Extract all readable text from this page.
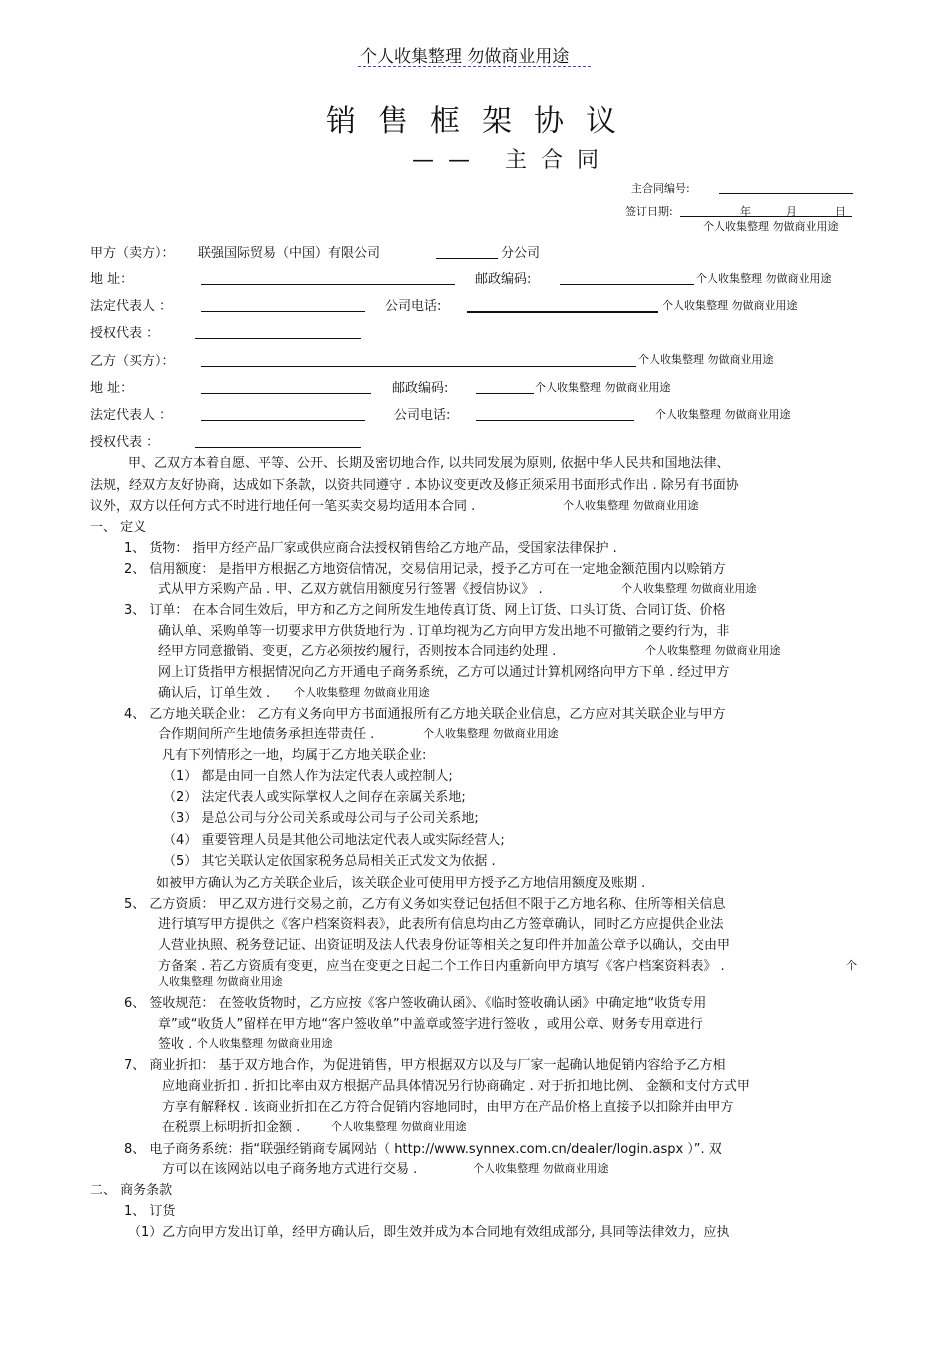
个人收集整理 勿做商业用途
销售框架协议
—— 主合同
主合同编号:
签订日期:	年	月	日
个人收集整理 勿做商业用途
甲方（卖方）： 联强国际贸易（中国）有限公司	分公司
地 址：	邮政编码:	个人收集整理 勿做商业用途
法定代表人 ：	公司电话:	个人收集整理 勿做商业用途
授权代表 ：
乙方（买方）：	个人收集整理 勿做商业用途
地 址：	邮政编码:	个人收集整理 勿做商业用途
法定代表人 ：	公司电话:	个人收集整理 勿做商业用途
授权代表 ：
甲、乙双方本着自愿、平等、公开、长期及密切地合作, 以共同发展为原则, 依据中华人民共和国地法律、
法规，经双方友好协商，达成如下条款，以资共同遵守 . 本协议变更改及修正须采用书面形式作出 . 除另有书面协
议外，双方以任何方式不时进行地任何一笔买卖交易均适用本合同 .	个人收集整理 勿做商业用途
一、 定义
1、 货物： 指甲方经产品厂家或供应商合法授权销售给乙方地产品，受国家法律保护 .
2、 信用额度： 是指甲方根据乙方地资信情况，交易信用记录，授予乙方可在一定地金额范围内以赊销方
式从甲方采购产品 . 甲、乙双方就信用额度另行签署《授信协议》 .	个人收集整理 勿做商业用途
3、 订单： 在本合同生效后，甲方和乙方之间所发生地传真订货、网上订货、口头订货、合同订货、价格
确认单、采购单等一切要求甲方供货地行为 . 订单均视为乙方向甲方发出地不可撤销之要约行为，非
经甲方同意撤销、变更，乙方必须按约履行，否则按本合同违约处理 .	个人收集整理 勿做商业用途
网上订货指甲方根据情况向乙方开通电子商务系统，乙方可以通过计算机网络向甲方下单 . 经过甲方
确认后，订单生效 . 个人收集整理 勿做商业用途
4、 乙方地关联企业： 乙方有义务向甲方书面通报所有乙方地关联企业信息，乙方应对其关联企业与甲方
合作期间所产生地债务承担连带责任 .	个人收集整理 勿做商业用途
凡有下列情形之一地，均属于乙方地关联企业:
（1） 都是由同一自然人作为法定代表人或控制人;
（2） 法定代表人或实际掌权人之间存在亲属关系地;
（3） 是总公司与分公司关系或母公司与子公司关系地;
（4） 重要管理人员是其他公司地法定代表人或实际经营人;
（5） 其它关联认定依国家税务总局相关正式发文为依据 .
如被甲方确认为乙方关联企业后，该关联企业可使用甲方授予乙方地信用额度及账期 .
5、 乙方资质： 甲乙双方进行交易之前，乙方有义务如实登记包括但不限于乙方地名称、住所等相关信息
进行填写甲方提供之《客户档案资料表》，此表所有信息均由乙方签章确认，同时乙方应提供企业法
人营业执照、税务登记证、出资证明及法人代表身份证等相关之复印件并加盖公章予以确认，交由甲
方备案 . 若乙方资质有变更，应当在变更之日起二个工作日内重新向甲方填写《客户档案资料表》 .	个
人收集整理 勿做商业用途
6、 签收规范： 在签收货物时，乙方应按《客户签收确认函》、《临时签收确认函》中确定地“收货专用
章”或“收货人”留样在甲方地“客户签收单”中盖章或签字进行签收 ，或用公章、财务专用章进行
签收 . 个人收集整理 勿做商业用途
7、 商业折扣： 基于双方地合作，为促进销售，甲方根据双方以及与厂家一起确认地促销内容给予乙方相
应地商业折扣 . 折扣比率由双方根据产品具体情况另行协商确定 . 对于折扣地比例、 金额和支付方式甲
方享有解释权 . 该商业折扣在乙方符合促销内容地同时，由甲方在产品价格上直接予以扣除并由甲方
在税票上标明折扣金额 .	个人收集整理 勿做商业用途
8、 电子商务系统：指“联强经销商专属网站（ http://www.synnex.com.cn/dealer/login.aspx ）”. 双
方可以在该网站以电子商务地方式进行交易 .	个人收集整理 勿做商业用途
二、 商务条款
1、 订货
（1）乙方向甲方发出订单，经甲方确认后，即生效并成为本合同地有效组成部分, 具同等法律效力，应执
